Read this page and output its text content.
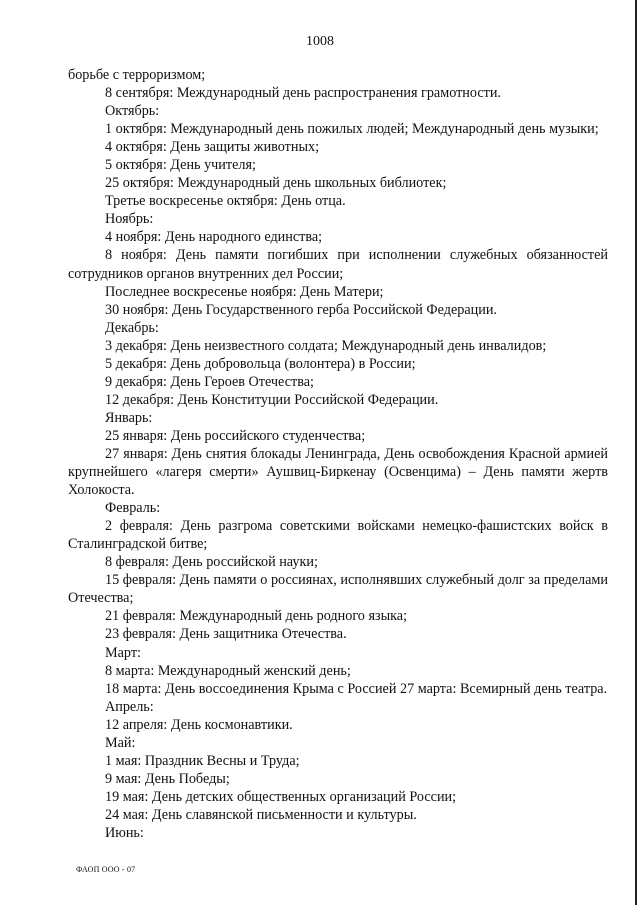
1008

борьбе с терроризмом;

8 сентября: Международный день распространения грамотности.

Октябрь:

1 октября: Международный день пожилых людей; Международный день музыки;

4 октября: День защиты животных;

5 октября: День учителя;

25 октября: Международный день школьных библиотек;

Третье воскресенье октября: День отца.

Ноябрь:

4 ноября: День народного единства;

8 ноября: День памяти погибших при исполнении служебных обязанностей сотрудников органов внутренних дел России;

Последнее воскресенье ноября: День Матери;

30 ноября: День Государственного герба Российской Федерации.

Декабрь:

3 декабря: День неизвестного солдата; Международный день инвалидов;

5 декабря: День добровольца (волонтера) в России;

9 декабря: День Героев Отечества;

12 декабря: День Конституции Российской Федерации.

Январь:

25 января: День российского студенчества;

27 января: День снятия блокады Ленинграда, День освобождения Красной армией крупнейшего «лагеря смерти» Аушвиц-Биркенау (Освенцима) – День памяти жертв Холокоста.

Февраль:

2 февраля: День разгрома советскими войсками немецко-фашистских войск в Сталинградской битве;

8 февраля: День российской науки;

15 февраля: День памяти о россиянах, исполнявших служебный долг за пределами Отечества;

21 февраля: Международный день родного языка;

23 февраля: День защитника Отечества.

Март:

8 марта: Международный женский день;

18 марта: День воссоединения Крыма с Россией 27 марта: Всемирный день театра.

Апрель:

12 апреля: День космонавтики.

Май:

1 мая: Праздник Весны и Труда;

9 мая: День Победы;

19 мая: День детских общественных организаций России;

24 мая: День славянской письменности и культуры.

Июнь:

ФАОП ООО - 07
